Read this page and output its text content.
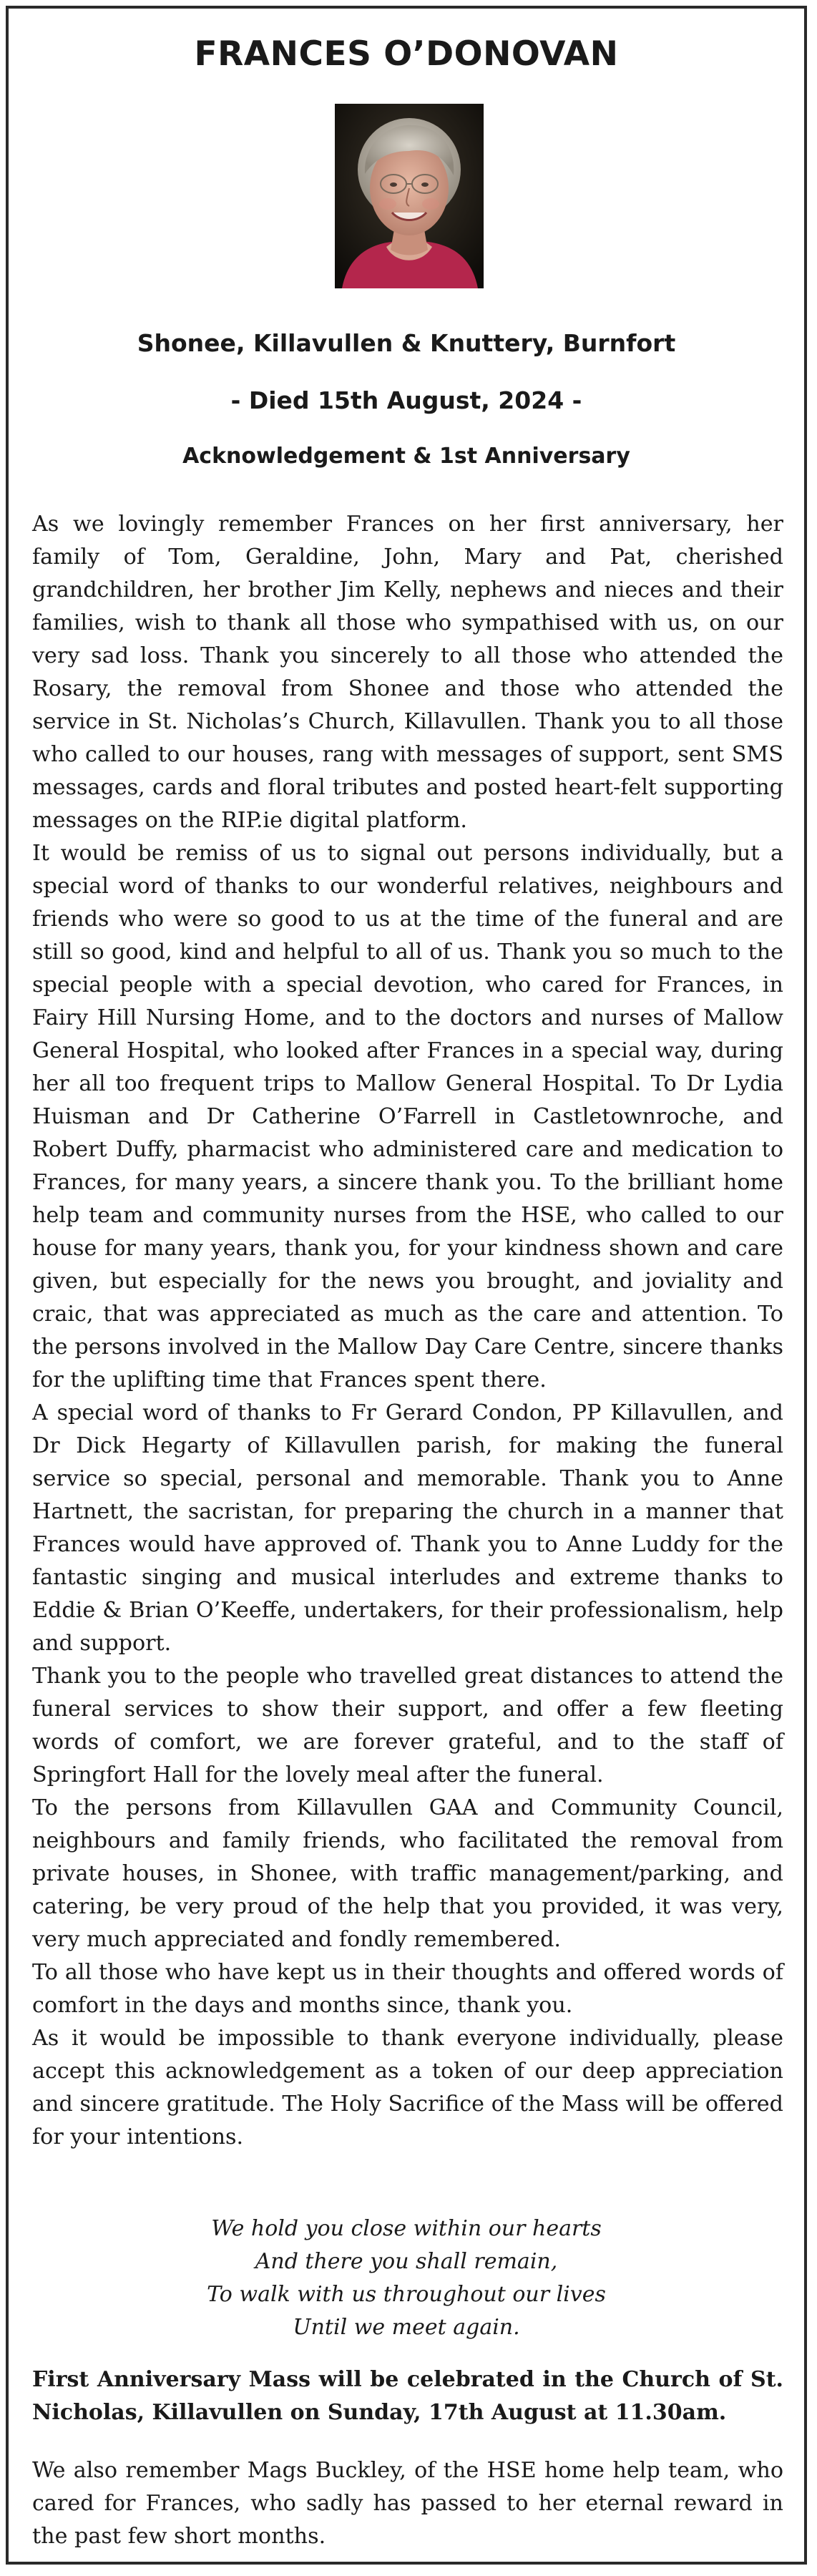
FRANCES O’DONOVAN
Shonee, Killavullen & Knuttery, Burnfort
- Died 15th August, 2024 -
Acknowledgement & 1st Anniversary

As we lovingly remember Frances on her first anniversary, her family of Tom, Geraldine, John, Mary and Pat, cherished grandchildren, her brother Jim Kelly, nephews and nieces and their families, wish to thank all those who sympathised with us, on our very sad loss. Thank you sincerely to all those who attended the Rosary, the removal from Shonee and those who attended the service in St. Nicholas’s Church, Killavullen. Thank you to all those who called to our houses, rang with messages of support, sent SMS messages, cards and floral tributes and posted heart-felt supporting messages on the RIP.ie digital platform.

It would be remiss of us to signal out persons individually, but a special word of thanks to our wonderful relatives, neighbours and friends who were so good to us at the time of the funeral and are still so good, kind and helpful to all of us. Thank you so much to the special people with a special devotion, who cared for Frances, in Fairy Hill Nursing Home, and to the doctors and nurses of Mallow General Hospital, who looked after Frances in a special way, during her all too frequent trips to Mallow General Hospital. To Dr Lydia Huisman and Dr Catherine O’Farrell in Castletownroche, and Robert Duffy, pharmacist who administered care and medication to Frances, for many years, a sincere thank you. To the brilliant home help team and community nurses from the HSE, who called to our house for many years, thank you, for your kindness shown and care given, but especially for the news you brought, and joviality and craic, that was appreciated as much as the care and attention. To the persons involved in the Mallow Day Care Centre, sincere thanks for the uplifting time that Frances spent there.

A special word of thanks to Fr Gerard Condon, PP Killavullen, and Dr Dick Hegarty of Killavullen parish, for making the funeral service so special, personal and memorable. Thank you to Anne Hartnett, the sacristan, for preparing the church in a manner that Frances would have approved of. Thank you to Anne Luddy for the fantastic singing and musical interludes and extreme thanks to Eddie & Brian O’Keeffe, undertakers, for their professionalism, help and support.

Thank you to the people who travelled great distances to attend the funeral services to show their support, and offer a few fleeting words of comfort, we are forever grateful, and to the staff of Springfort Hall for the lovely meal after the funeral.

To the persons from Killavullen GAA and Community Council, neighbours and family friends, who facilitated the removal from private houses, in Shonee, with traffic management/parking, and catering, be very proud of the help that you provided, it was very, very much appreciated and fondly remembered.

To all those who have kept us in their thoughts and offered words of comfort in the days and months since, thank you.

As it would be impossible to thank everyone individually, please accept this acknowledgement as a token of our deep appreciation and sincere gratitude. The Holy Sacrifice of the Mass will be offered for your intentions.

We hold you close within our hearts
And there you shall remain,
To walk with us throughout our lives
Until we meet again.
First Anniversary Mass will be celebrated in the Church of St. Nicholas, Killavullen on Sunday, 17th August at 11.30am.
We also remember Mags Buckley, of the HSE home help team, who cared for Frances, who sadly has passed to her eternal reward in the past few short months.
